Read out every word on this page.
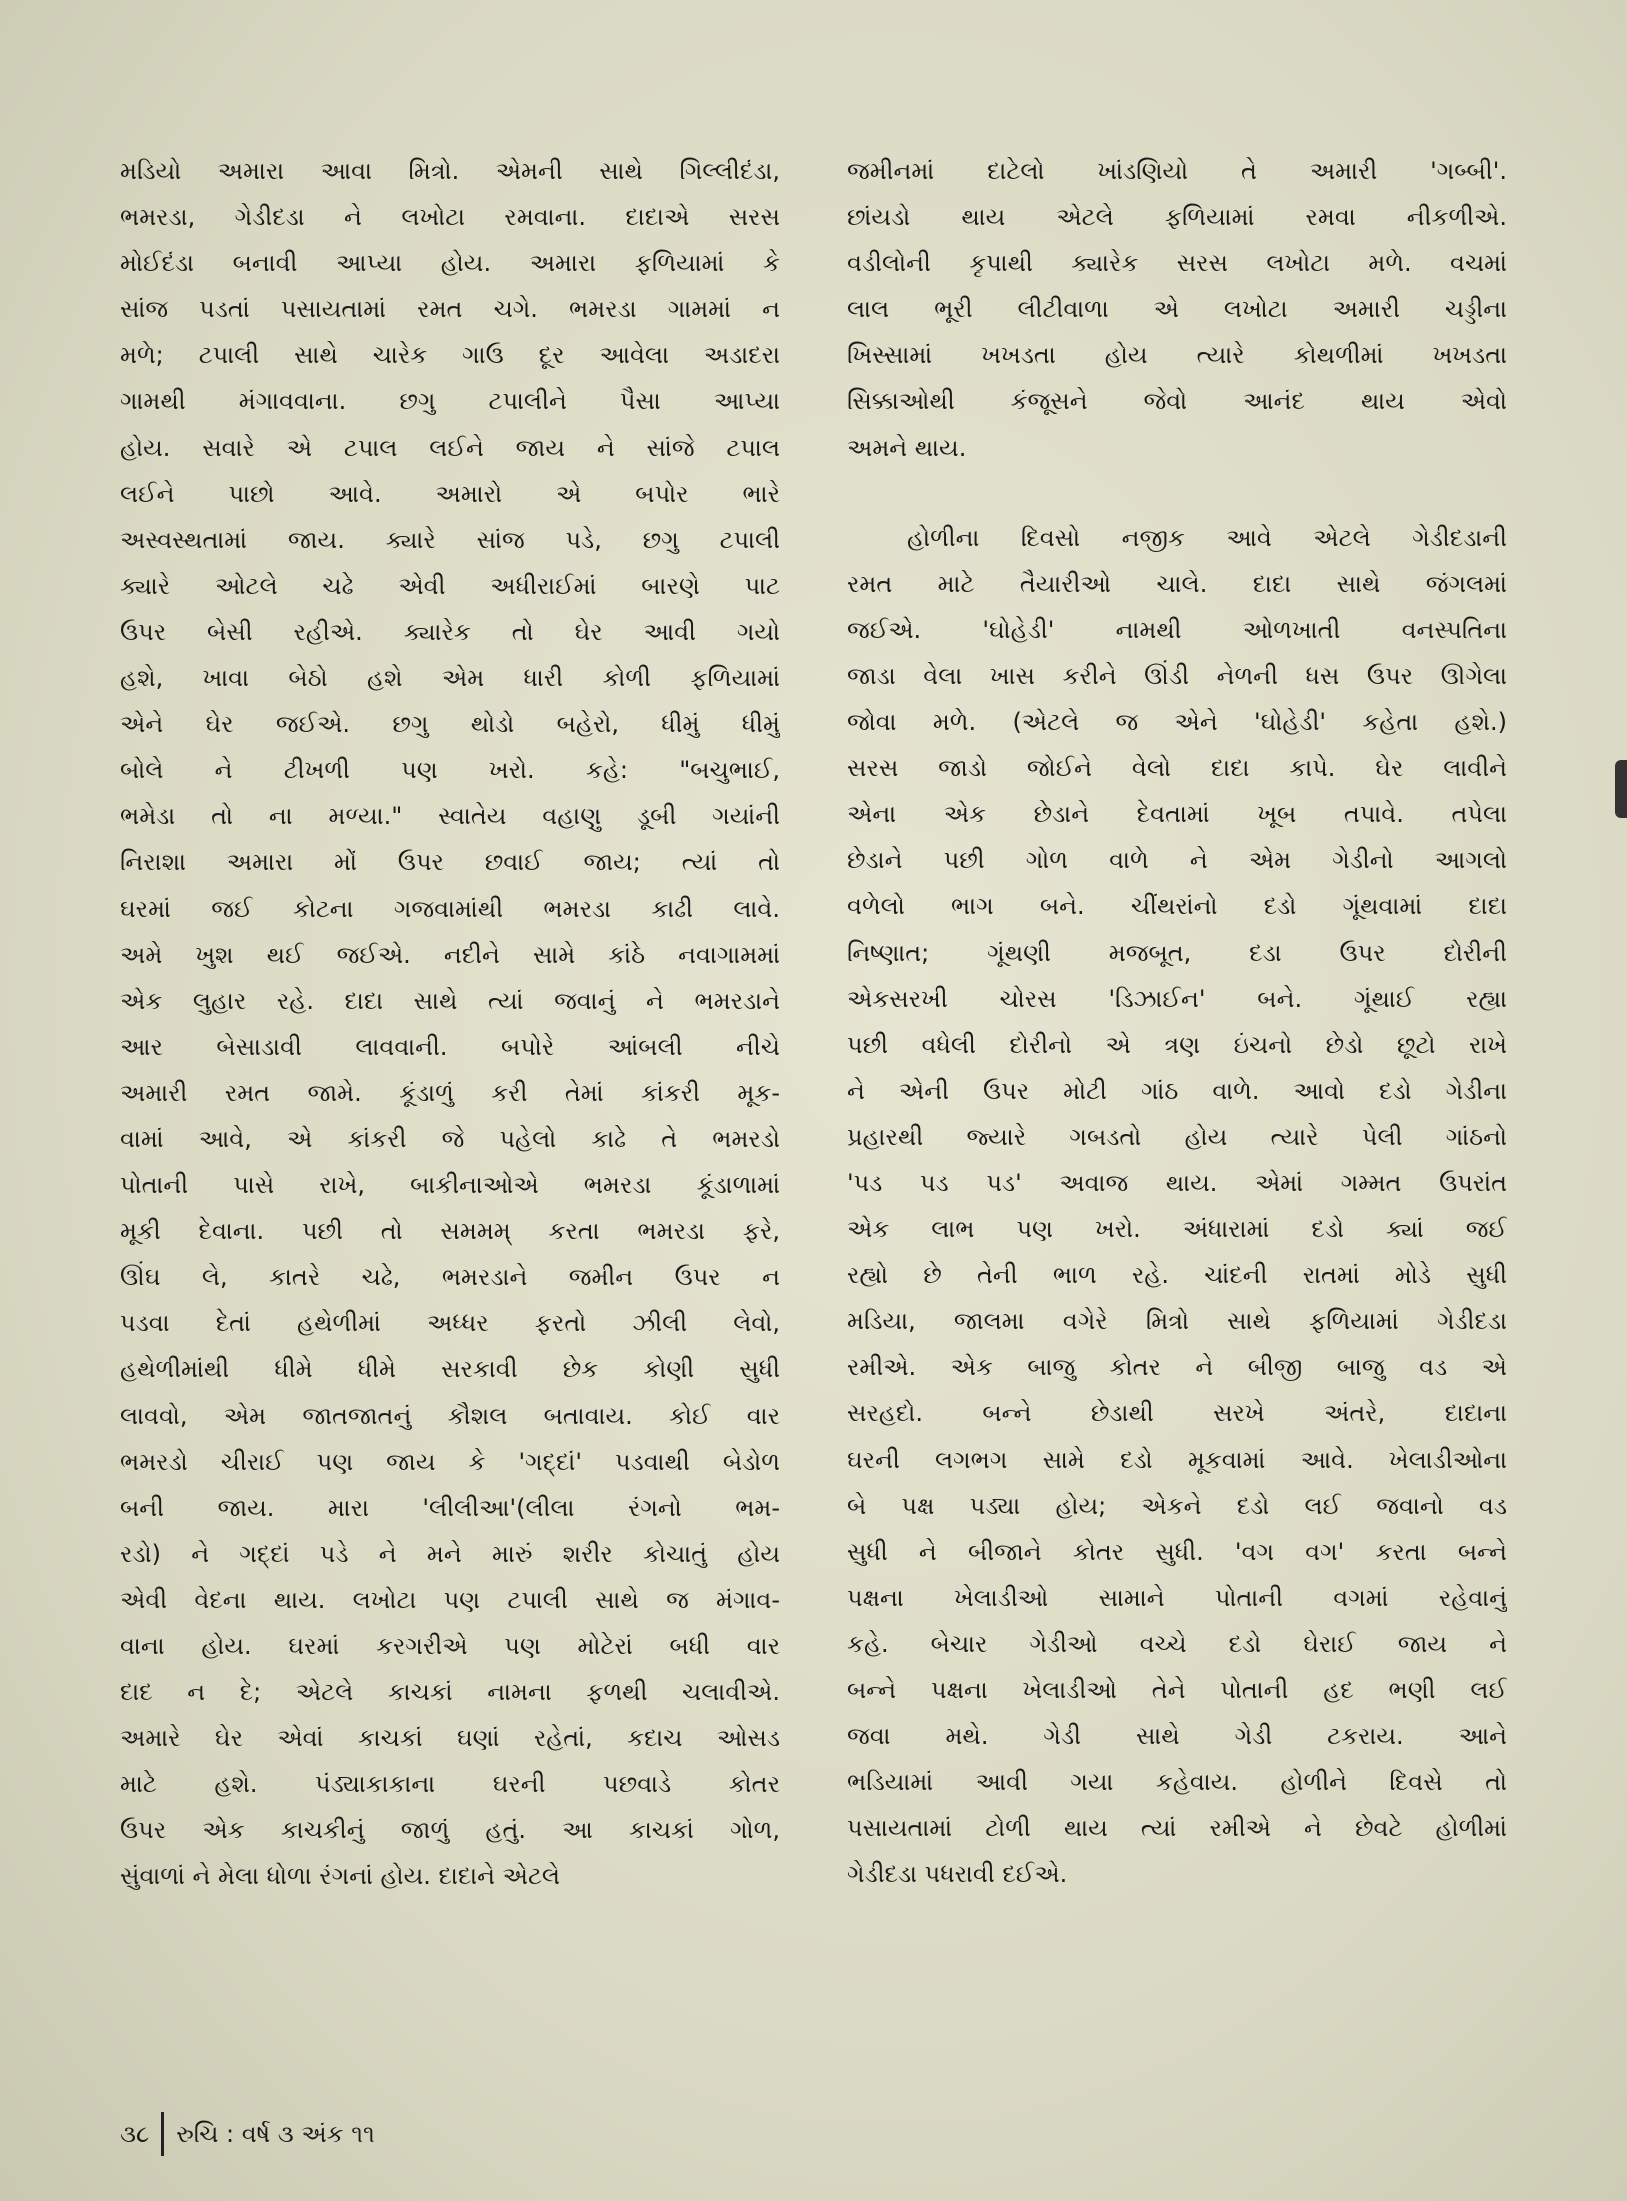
મડિયો અમારા આવા મિત્રો. એમની સાથે ગિલ્લીદંડા,
ભમરડા, ગેડીદડા ને લખોટા રમવાના. દાદાએ સરસ
મોઈદંડા બનાવી આપ્યા હોય. અમારા ફળિયામાં કે
સાંજ પડતાં પસાયતામાં રમત ચગે. ભમરડા ગામમાં ન
મળે; ટપાલી સાથે ચારેક ગાઉ દૂર આવેલા અડાદરા
ગામથી મંગાવવાના. છગુ ટપાલીને પૈસા આપ્યા
હોય. સવારે એ ટપાલ લઈને જાય ને સાંજે ટપાલ
લઈને પાછો આવે. અમારો એ બપોર ભારે
અસ્વસ્થતામાં જાય. ક્યારે સાંજ પડે, છગુ ટપાલી
ક્યારે ઓટલે ચઢે એવી અધીરાઈમાં બારણે પાટ
ઉપર બેસી રહીએ. ક્યારેક તો ઘેર આવી ગયો
હશે, ખાવા બેઠો હશે એમ ધારી કોળી ફળિયામાં
એને ઘેર જઈએ. છગુ થોડો બહેરો, ધીમું ધીમું
બોલે ને ટીખળી પણ ખરો. કહે: "બચુભાઈ,
ભમેડા તો ના મળ્યા." સ્વાતેય વહાણુ ડૂબી ગયાંની
નિરાશા અમારા મોં ઉપર છવાઈ જાય; ત્યાં તો
ઘરમાં જઈ કોટના ગજવામાંથી ભમરડા કાઢી લાવે.
અમે ખુશ થઈ જઈએ. નદીને સામે કાંઠે નવાગામમાં
એક લુહાર રહે. દાદા સાથે ત્યાં જવાનું ને ભમરડાને
આર બેસાડાવી લાવવાની. બપોરે આંબલી નીચે
અમારી રમત જામે. કૂંડાળું કરી તેમાં કાંકરી મૂક-
વામાં આવે, એ કાંકરી જે પહેલો કાઢે તે ભમરડો
પોતાની પાસે રાખે, બાકીનાઓએ ભમરડા કૂંડાળામાં
મૂકી દેવાના. પછી તો સમમમ્ કરતા ભમરડા ફરે,
ઊંઘ લે, કાતરે ચઢે, ભમરડાને જમીન ઉપર ન
પડવા દેતાં હથેળીમાં અધ્ધર ફરતો ઝીલી લેવો,
હથેળીમાંથી ધીમે ધીમે સરકાવી છેક કોણી સુધી
લાવવો, એમ જાતજાતનું કૌશલ બતાવાય. કોઈ વાર
ભમરડો ચીરાઈ પણ જાય કે 'ગદ્દાં' પડવાથી બેડોળ
બની જાય. મારા 'લીલીઆ'(લીલા રંગનો ભમ-
રડો) ને ગદ્દાં પડે ને મને મારું શરીર કોચાતું હોય
એવી વેદના થાય. લખોટા પણ ટપાલી સાથે જ મંગાવ-
વાના હોય. ઘરમાં કરગરીએ પણ મોટેરાં બધી વાર
દાદ ન દે; એટલે કાચકાં નામના ફળથી ચલાવીએ.
અમારે ઘેર એવાં કાચકાં ઘણાં રહેતાં, કદાચ ઓસડ
માટે હશે. પંડ્યાકાકાના ઘરની પછવાડે કોતર
ઉપર એક કાચકીનું જાળું હતું. આ કાચકાં ગોળ,
સુંવાળાં ને મેલા ધોળા રંગનાં હોય. દાદાને એટલે

જમીનમાં દાટેલો ખાંડણિયો તે અમારી 'ગબ્બી'.
છાંયડો થાય એટલે ફળિયામાં રમવા નીકળીએ.
વડીલોની કૃપાથી ક્યારેક સરસ લખોટા મળે. વચમાં
લાલ ભૂરી લીટીવાળા એ લખોટા અમારી ચડ્ડીના
ખિસ્સામાં ખખડતા હોય ત્યારે કોથળીમાં ખખડતા
સિક્કાઓથી કંજૂસને જેવો આનંદ થાય એવો
અમને થાય.

હોળીના દિવસો નજીક આવે એટલે ગેડીદડાની
રમત માટે તૈયારીઓ ચાલે. દાદા સાથે જંગલમાં
જઈએ. 'ઘોહેડી' નામથી ઓળખાતી વનસ્પતિના
જાડા વેલા ખાસ કરીને ઊંડી નેળની ધસ ઉપર ઊગેલા
જોવા મળે. (એટલે જ એને 'ઘોહેડી' કહેતા હશે.)
સરસ જાડો જોઈને વેલો દાદા કાપે. ઘેર લાવીને
એના એક છેડાને દેવતામાં ખૂબ તપાવે. તપેલા
છેડાને પછી ગોળ વાળે ને એમ ગેડીનો આગલો
વળેલો ભાગ બને. ચીંથરાંનો દડો ગૂંથવામાં દાદા
નિષ્ણાત; ગૂંથણી મજબૂત, દડા ઉપર દોરીની
એકસરખી ચોરસ 'ડિઝાઈન' બને. ગૂંથાઈ રહ્યા
પછી વધેલી દોરીનો એ ત્રણ ઇંચનો છેડો છૂટો રાખે
ને એની ઉપર મોટી ગાંઠ વાળે. આવો દડો ગેડીના
પ્રહારથી જ્યારે ગબડતો હોય ત્યારે પેલી ગાંઠનો
'પડ પડ પડ' અવાજ થાય. એમાં ગમ્મત ઉપરાંત
એક લાભ પણ ખરો. અંધારામાં દડો ક્યાં જઈ
રહ્યો છે તેની ભાળ રહે. ચાંદની રાતમાં મોડે સુધી
મડિયા, જાલમા વગેરે મિત્રો સાથે ફળિયામાં ગેડીદડા
રમીએ. એક બાજુ કોતર ને બીજી બાજુ વડ એ
સરહદો. બન્ને છેડાથી સરખે અંતરે, દાદાના
ઘરની લગભગ સામે દડો મૂકવામાં આવે. ખેલાડીઓના
બે પક્ષ પડ્યા હોય; એકને દડો લઈ જવાનો વડ
સુધી ને બીજાને કોતર સુધી. 'વગ વગ' કરતા બન્ને
પક્ષના ખેલાડીઓ સામાને પોતાની વગમાં રહેવાનું
કહે. બેચાર ગેડીઓ વચ્ચે દડો ઘેરાઈ જાય ને
બન્ને પક્ષના ખેલાડીઓ તેને પોતાની હદ ભણી લઈ
જવા મથે. ગેડી સાથે ગેડી ટકરાય. આને
ભડિયામાં આવી ગયા કહેવાય. હોળીને દિવસે તો
પસાયતામાં ટોળી થાય ત્યાં રમીએ ને છેવટે હોળીમાં
ગેડીદડા પધરાવી દઈએ.

૩૮ રુચિ : વર્ષ ૩ અંક ૧૧
